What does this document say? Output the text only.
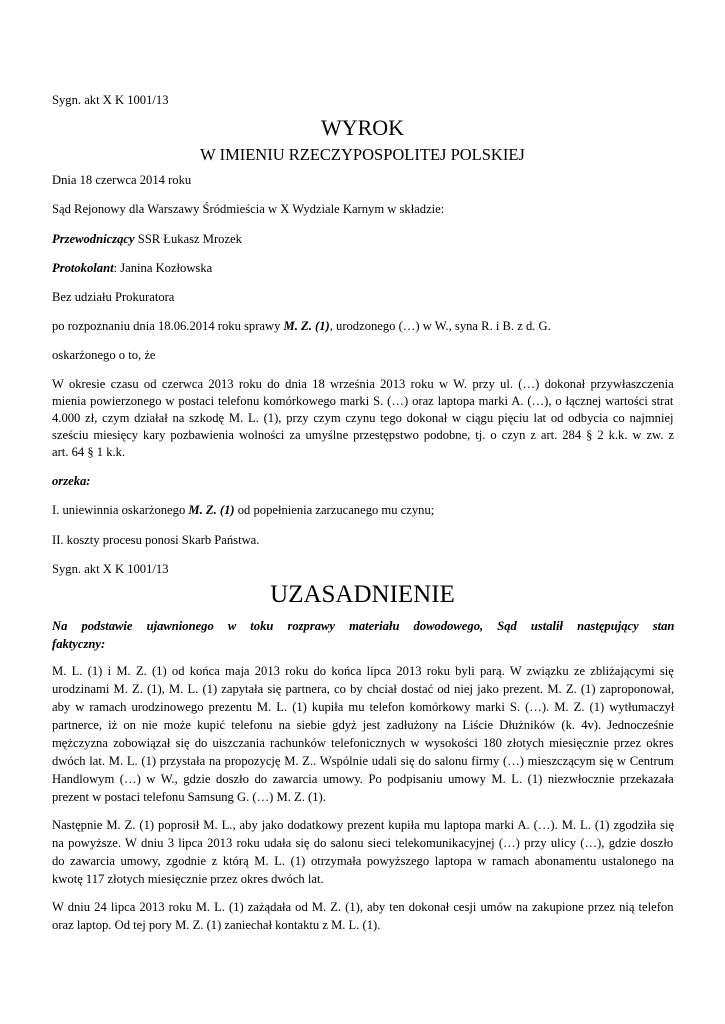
Sygn. akt X K 1001/13
WYROK
W IMIENIU RZECZYPOSPOLITEJ POLSKIEJ
Dnia 18 czerwca 2014 roku
Sąd Rejonowy dla Warszawy Śródmieścia w X Wydziale Karnym w składzie:
Przewodniczący SSR Łukasz Mrozek
Protokolant: Janina Kozłowska
Bez udziału Prokuratora
po rozpoznaniu dnia 18.06.2014 roku sprawy M. Z. (1), urodzonego (…) w W., syna R. i B. z d. G.
oskarżonego o to, że
W okresie czasu od czerwca 2013 roku do dnia 18 września 2013 roku w W. przy ul. (…) dokonał przywłaszczenia
mienia powierzonego w postaci telefonu komórkowego marki S. (…) oraz laptopa marki A. (…), o łącznej wartości strat
4.000 zł, czym działał na szkodę M. L. (1), przy czym czynu tego dokonał w ciągu pięciu lat od odbycia co najmniej
sześciu miesięcy kary pozbawienia wolności za umyślne przestępstwo podobne, tj. o czyn z art. 284 § 2 k.k. w zw. z
art. 64 § 1 k.k.
orzeka:
I. uniewinnia oskarżonego M. Z. (1) od popełnienia zarzucanego mu czynu;
II. koszty procesu ponosi Skarb Państwa.
Sygn. akt X K 1001/13
UZASADNIENIE
Na podstawie ujawnionego w toku rozprawy materiału dowodowego, Sąd ustalił następujący stan
faktyczny:
M. L. (1) i M. Z. (1) od końca maja 2013 roku do końca lipca 2013 roku byli parą. W związku ze zbliżającymi się
urodzinami M. Z. (1), M. L. (1) zapytała się partnera, co by chciał dostać od niej jako prezent. M. Z. (1) zaproponował,
aby w ramach urodzinowego prezentu M. L. (1) kupiła mu telefon komórkowy marki S. (…). M. Z. (1) wytłumaczył
partnerce, iż on nie może kupić telefonu na siebie gdyż jest zadłużony na Liście Dłużników (k. 4v). Jednocześnie
mężczyzna zobowiązał się do uiszczania rachunków telefonicznych w wysokości 180 złotych miesięcznie przez okres
dwóch lat. M. L. (1) przystała na propozycję M. Z.. Wspólnie udali się do salonu firmy (…) mieszczącym się w Centrum
Handlowym (…) w W., gdzie doszło do zawarcia umowy. Po podpisaniu umowy M. L. (1) niezwłocznie przekazała
prezent w postaci telefonu Samsung G. (…) M. Z. (1).
Następnie M. Z. (1) poprosił M. L., aby jako dodatkowy prezent kupiła mu laptopa marki A. (…). M. L. (1) zgodziła się
na powyższe. W dniu 3 lipca 2013 roku udała się do salonu sieci telekomunikacyjnej (…) przy ulicy (…), gdzie doszło
do zawarcia umowy, zgodnie z którą M. L. (1) otrzymała powyższego laptopa w ramach abonamentu ustalonego na
kwotę 117 złotych miesięcznie przez okres dwóch lat.
W dniu 24 lipca 2013 roku M. L. (1) zażądała od M. Z. (1), aby ten dokonał cesji umów na zakupione przez nią telefon
oraz laptop. Od tej pory M. Z. (1) zaniechał kontaktu z M. L. (1).
